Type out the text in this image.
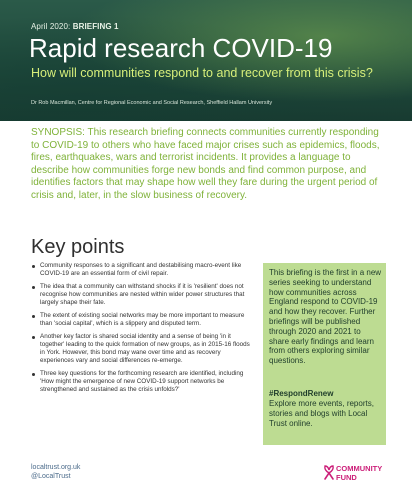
April 2020: BRIEFING 1
Rapid research COVID-19
How will communities respond to and recover from this crisis?
Dr Rob Macmillan, Centre for Regional Economic and Social Research, Sheffield Hallam University
SYNOPSIS: This research briefing connects communities currently responding to COVID-19 to others who have faced major crises such as epidemics, floods, fires, earthquakes, wars and terrorist incidents. It provides a language to describe how communities forge new bonds and find common purpose, and identifies factors that may shape how well they fare during the urgent period of crisis and, later, in the slow business of recovery.
Key points
Community responses to a significant and destabilising macro-event like COVID-19 are an essential form of civil repair.
The idea that a community can withstand shocks if it is 'resilient' does not recognise how communities are nested within wider power structures that largely shape their fate.
The extent of existing social networks may be more important to measure than 'social capital', which is a slippery and disputed term.
Another key factor is shared social identity and a sense of being 'in it together' leading to the quick formation of new groups, as in 2015-16 floods in York. However, this bond may wane over time and as recovery experiences vary and social differences re-emerge.
Three key questions for the forthcoming research are identified, including 'How might the emergence of new COVID-19 support networks be strengthened and sustained as the crisis unfolds?'
This briefing is the first in a new series seeking to understand how communities across England respond to COVID-19 and how they recover. Further briefings will be published through 2020 and 2021 to share early findings and learn from others exploring similar questions.
#RespondRenew
Explore more events, reports, stories and blogs with Local Trust online.
localtrust.org.uk
@LocalTrust
COMMUNITY
FUND
